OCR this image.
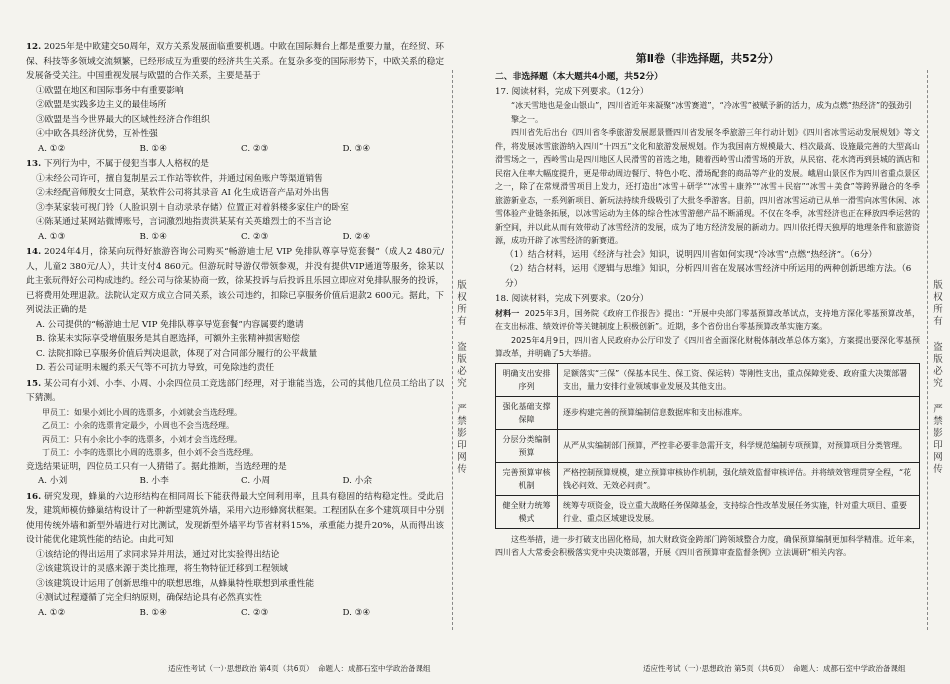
12. 2025年是中欧建交50周年，双方关系发展面临重要机遇。中欧在国际舞台上都是重要力量，在经贸、环保、科技等多领域交流频繁，已经形成互为重要的经济共生关系。在复杂多变的国际形势下，中欧关系的稳定发展备受关注。中国重视发展与欧盟的合作关系，主要是基于
①欧盟在地区和国际事务中有重要影响
②欧盟是实践多边主义的最佳场所
③欧盟是当今世界最大的区域性经济合作组织
④中欧各具经济优势，互补性强
A. ①②	B. ①④	C. ②③	D. ③④
13. 下列行为中，不属于侵犯当事人人格权的是
①未经公司许可，擅自复制星云工作站等软件，并通过闲鱼账户等渠道销售
②未经配音师殷女士同意，某软件公司将其录音 AI 化生成语音产品对外出售
③李某家装可视门铃（人脸识别＋自动录录存储）位置正对着斜楼多家住户的卧室
④陈某通过某网站微博账号，言词激烈地指责洪某某有关英雄烈士的不当言论
A. ①③	B. ①④	C. ②③	D. ②④
14. 2024年4月，徐某向玩得好旅游咨询公司购买“畅游迪士尼 VIP 免排队尊享导览套餐”（成人2 480元/人，儿童2 380元/人），共计支付4 860元。但游玩时导游仅带领参观，并没有提供VIP通道等服务，徐某以此主张玩得好公司构成违约。经公司与徐某协商一致，徐某投诉与后投诉且乐园立即应对免排队服务的投诉，已将费用处理退款。法院认定双方成立合同关系，该公司违约，扣除已享服务价值后退款2 600元。据此，下列说法正确的是
A. 公司提供的“畅游迪士尼 VIP 免排队尊享导览套餐”内容属要约邀请
B. 徐某未实际享受增值服务是其自愿选择，可额外主张精神损害赔偿
C. 法院扣除已享服务价值后判决退款，体现了对合同部分履行的公平裁量
D. 若公司证明未履约系天气等不可抗力导致，可免除违约责任
15. 某公司有小刘、小李、小周、小余四位员工竞选部门经理，对于谁能当选，公司的其他几位员工给出了以下猜测。
甲员工：如果小刘比小周的选票多，小刘就会当选经理。
乙员工：小余的选票肯定最少，小周也不会当选经理。
丙员工：只有小余比小李的选票多，小刘才会当选经理。
丁员工：小李的选票比小周的选票多，但小刘不会当选经理。
竞选结果证明，四位员工只有一人猜错了。据此推断，当选经理的是
A. 小刘	B. 小李	C. 小周	D. 小余
16. 研究发现，蜂巢的六边形结构在相同周长下能获得最大空间利用率，且具有稳固的结构稳定性。受此启发，建筑师模仿蜂巢结构设计了一种新型建筑外墙，采用六边形蜂窝状框架。工程团队在多个建筑项目中分别使用传统外墙和新型外墙进行对比测试，发现新型外墙平均节省材料15%，承重能力提升20%，从而得出该设计能优化建筑性能的结论。由此可知
①该结论的得出运用了求同求异并用法，通过对比实验得出结论
②该建筑设计的灵感来源于类比推理，将生物特征迁移到工程领域
③该建筑设计运用了创新思维中的联想思维，从蜂巢特性联想到承重性能
④测试过程遵循了完全归纳原则，确保结论具有必然真实性
A. ①②	B. ①④	C. ②③	D. ③④
版
权
所
有

盗
版
必
究

严
禁
影
印
网
传
适应性考试（一）·思想政治 第4页（共6页） 命题人：成都石室中学政治备课组
第Ⅱ卷（非选择题，共52分）
二、非选择题（本大题共4小题，共52分）
17. 阅读材料，完成下列要求。（12分）
“冰天雪地也是金山银山”，四川省近年来凝聚“冰雪赛道”，“冷冰雪”被赋予新的活力，成为点燃“热经济”的强劲引擎之一。
四川省先后出台《四川省冬季旅游发展愿景暨四川省发展冬季旅游三年行动计划》《四川省冰雪运动发展规划》等文件，将发展冰雪旅游纳入四川“十四五”文化和旅游发展规划。作为我国南方规模最大、档次最高、设施最完善的大型高山滑雪场之一，西岭雪山是四川地区人民滑雪的首选之地，随着西岭雪山滑雪场的开放，从民宿、花水湾再到县城的酒店和民宿入住率大幅度提升，更是带动周边餐厅、特色小吃、滑场配套的商品等产业的发展。峨眉山景区作为四川省重点景区之一，除了在常规滑雪项目上发力，还打造出“冰雪＋研学”“冰雪＋康养”“冰雪＋民宿”“冰雪＋美食”等跨界融合的冬季旅游新业态，一系列新项目、新玩法持续升级吸引了大批冬季游客。目前，四川省冰雪运动已从单一滑雪向冰雪休闲、冰雪体验产业链条拓展，以冰雪运动为主体的综合性冰雪游憩产品不断涌现。不仅在冬季，冰雪经济也正在释放四季运营的新空间，并以此从而有效带动了冰雪经济的发展，成为了地方经济发展的新动力。四川依托得天独厚的地理条件和旅游资源，成功开辟了冰雪经济的新赛道。
（1）结合材料，运用《经济与社会》知识，说明四川省如何实现“冷冰雪”点燃“热经济”。（6分）
（2）结合材料，运用《逻辑与思维》知识，分析四川省在发展冰雪经济中所运用的两种创新思维方法。（6分）
18. 阅读材料，完成下列要求。（20分）
材料一 2025年3月，国务院《政府工作报告》提出：“开展中央部门零基预算改革试点，支持地方深化零基预算改革，在支出标准、绩效评价等关键制度上积极创新”。近期，多个省份出台零基预算改革实施方案。
2025年4月9日，四川省人民政府办公厅印发了《四川省全面深化财税体制改革总体方案》，方案提出要深化零基预算改革，并明确了5大举措。
明确支出安排序列	足额落实“三保”（保基本民生、保工资、保运转）等刚性支出，重点保障党委、政府重大决策部署支出，量力安排行业领域事业发展及其他支出。
强化基础支撑保障	逐步构建完善的预算编制信息数据库和支出标准库。
分层分类编制预算	从严从实编制部门预算，严控非必要非急需开支，科学规范编制专项预算，对预算项目分类管理。
完善预算审核机制	严格控制预算规模，建立预算审核协作机制，强化绩效监督审核评估。并将绩效管理贯穿全程，“花钱必问效、无效必问责”。
健全财力统筹模式	统筹专项资金，设立重大战略任务保障基金，支持综合性改革发展任务实施，针对重大项目、重要行业、重点区域建设发展。
这些举措，进一步打破支出固化格局，加大财政资金跨部门跨领域整合力度，确保预算编制更加科学精准。近年来，四川省人大常委会积极落实党中央决策部署，开展《四川省预算审查监督条例》立法调研”相关内容。
版
权
所
有

盗
版
必
究

严
禁
影
印
网
传
适应性考试（一）·思想政治 第5页（共6页） 命题人：成都石室中学政治备课组
